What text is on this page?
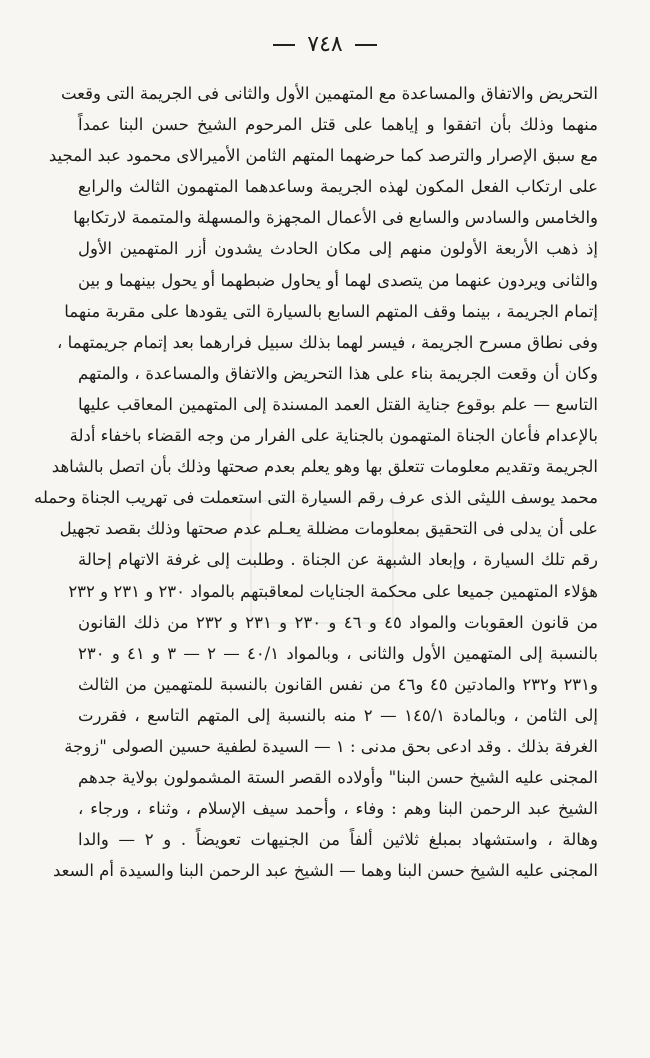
٧٤٨
التحريض والاتفاق والمساعدة مع المتهمين الأول والثانى فى الجريمة التى وقعت
منهما وذلك بأن اتفقوا و إياهما على قتل المرحوم الشيخ حسن البنا عمداً
مع سبق الإصرار والترصد كما حرضهما المتهم الثامن الأميرالاى محمود عبد المجيد
على ارتكاب الفعل المكون لهذه الجريمة وساعدهما المتهمون الثالث والرابع
والخامس والسادس والسابع فى الأعمال المجهزة والمسهلة والمتممة لارتكابها
إذ ذهب الأربعة الأولون منهم إلى مكان الحادث يشدون أزر المتهمين الأول
والثانى ويردون عنهما من يتصدى لهما أو يحاول ضبطهما أو يحول بينهما و بين
إتمام الجريمة ، بينما وقف المتهم السابع بالسيارة التى يقودها على مقربة منهما
وفى نطاق مسرح الجريمة ، فيسر لهما بذلك سبيل فرارهما بعد إتمام جريمتهما ،
وكان أن وقعت الجريمة بناء على هذا التحريض والاتفاق والمساعدة ، والمتهم
التاسع — علم بوقوع جناية القتل العمد المسندة إلى المتهمين المعاقب عليها
بالإعدام فأعان الجناة المتهمون بالجناية على الفرار من وجه القضاء باخفاء أدلة
الجريمة وتقديم معلومات تتعلق بها وهو يعلم بعدم صحتها وذلك بأن اتصل بالشاهد
محمد يوسف الليثى الذى عرف رقم السيارة التى استعملت فى تهريب الجناة وحمله
على أن يدلى فى التحقيق بمعلومات مضللة يعـلم عدم صحتها وذلك بقصد تجهيل
رقم تلك السيارة ، وإبعاد الشبهة عن الجناة . وطلبت إلى غرفة الاتهام إحالة
هؤلاء المتهمين جميعا على محكمة الجنايات لمعاقبتهم بالمواد ٢٣٠ و ٢٣١ و ٢٣٢
من قانون العقوبات والمواد ٤٥ و ٤٦ و ٢٣٠ و ٢٣١ و ٢٣٢ من ذلك القانون
بالنسبة إلى المتهمين الأول والثانى ، وبالمواد ٤٠/١ — ٢ — ٣ و ٤١ و ٢٣٠
و٢٣١ و٢٣٢ والمادتين ٤٥ و٤٦ من نفس القانون بالنسبة للمتهمين من الثالث
إلى الثامن ، وبالمادة ١٤٥/١ — ٢ منه بالنسبة إلى المتهم التاسع ، فقررت
الغرفة بذلك . وقد ادعى بحق مدنى : ١ — السيدة لطفية حسين الصولى "زوجة
المجنى عليه الشيخ حسن البنا" وأولاده القصر الستة المشمولون بولاية جدهم
الشيخ عبد الرحمن البنا وهم : وفاء ، وأحمد سيف الإسلام ، وثناء ، ورجاء ،
وهالة ، واستشهاد بمبلغ ثلاثين ألفاً من الجنيهات تعويضاً . و ٢ — والدا
المجنى عليه الشيخ حسن البنا وهما — الشيخ عبد الرحمن البنا والسيدة أم السعد
